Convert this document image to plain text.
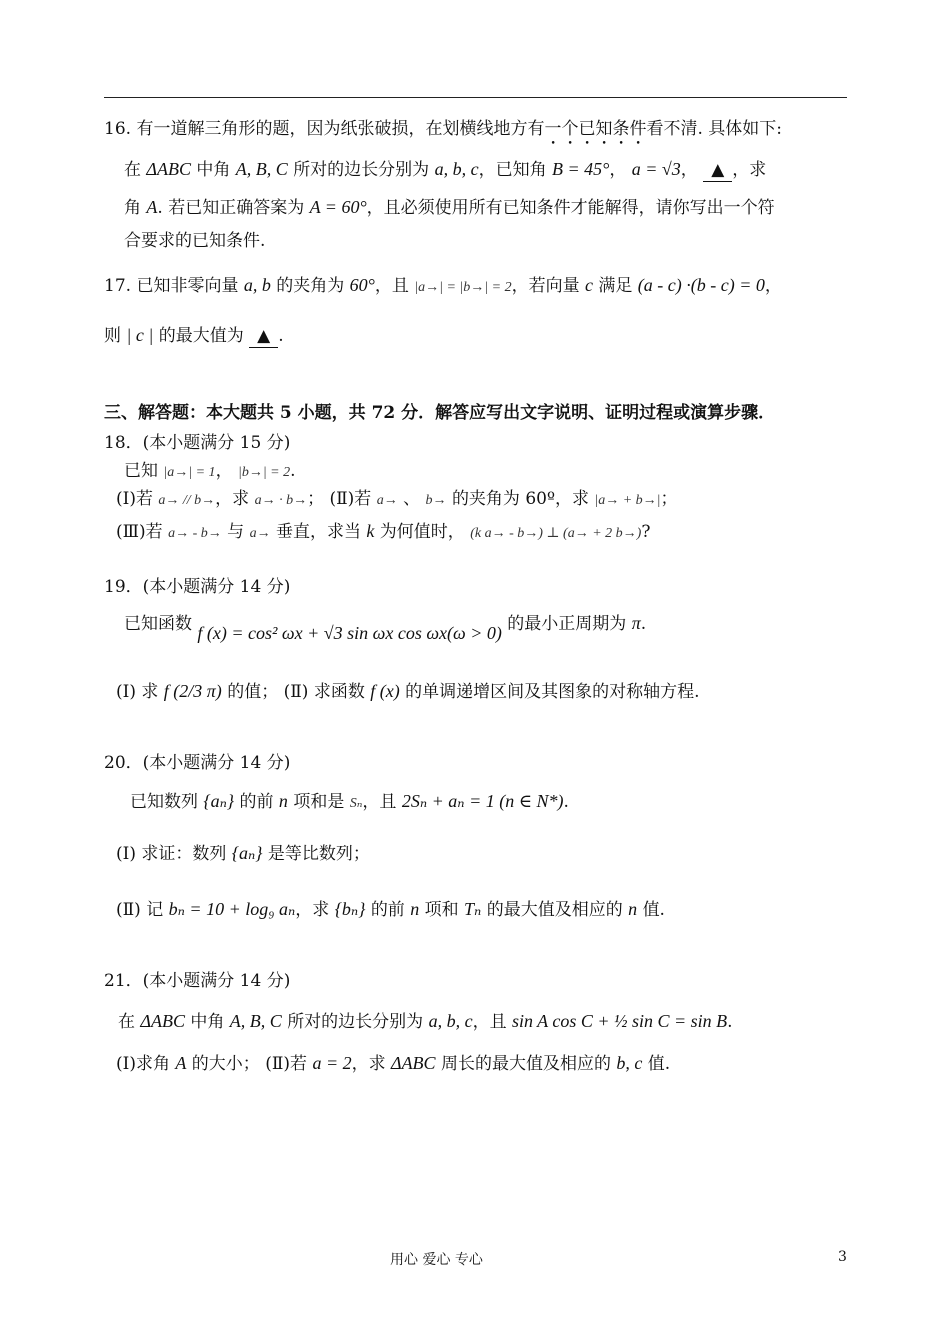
16. 有一道解三角形的题，因为纸张破损，在划横线地方有一个已知条件看不清. 具体如下:
在 ΔABC 中角 A, B, C 所对的边长分别为 a, b, c，已知角 B = 45°， a = √3， ▲ ，求
角 A. 若已知正确答案为 A = 60°，且必须使用所有已知条件才能解得，请你写出一个符
合要求的已知条件.
17. 已知非零向量 a, b 的夹角为 60°，且 |a→| = |b→| = 2，若向量 c 满足 (a - c) ·(b - c) = 0，
则 | c | 的最大值为 ▲ .
三、解答题：本大题共 5 小题，共 72 分．解答应写出文字说明、证明过程或演算步骤．
18．(本小题满分 15 分)
已知 |a→| = 1， |b→| = 2.
(Ⅰ)若 a→ // b→，求 a→ · b→； (Ⅱ)若 a→ 、 b→ 的夹角为 60º，求 |a→ + b→|；
(Ⅲ)若 a→ - b→ 与 a→ 垂直，求当 k 为何值时， (k a→ - b→) ⊥ (a→ + 2 b→)?
19．(本小题满分 14 分)
已知函数 f (x) = cos² ωx + √3 sin ωx cos ωx(ω > 0) 的最小正周期为 π.
(Ⅰ) 求 f (2/3 π) 的值； (Ⅱ) 求函数 f (x) 的单调递增区间及其图象的对称轴方程.
20．(本小题满分 14 分)
已知数列 {aₙ} 的前 n 项和是 Sₙ，且 2Sₙ + aₙ = 1 (n ∈ N*).
(Ⅰ) 求证：数列 {aₙ} 是等比数列；
(Ⅱ) 记 bₙ = 10 + log₉ aₙ，求 {bₙ} 的前 n 项和 Tₙ 的最大值及相应的 n 值.
21．(本小题满分 14 分)
在 ΔABC 中角 A, B, C 所对的边长分别为 a, b, c，且 sin A cos C + ½ sin C = sin B.
(Ⅰ)求角 A 的大小； (Ⅱ)若 a = 2，求 ΔABC 周长的最大值及相应的 b, c 值.
用心 爱心 专心	3
